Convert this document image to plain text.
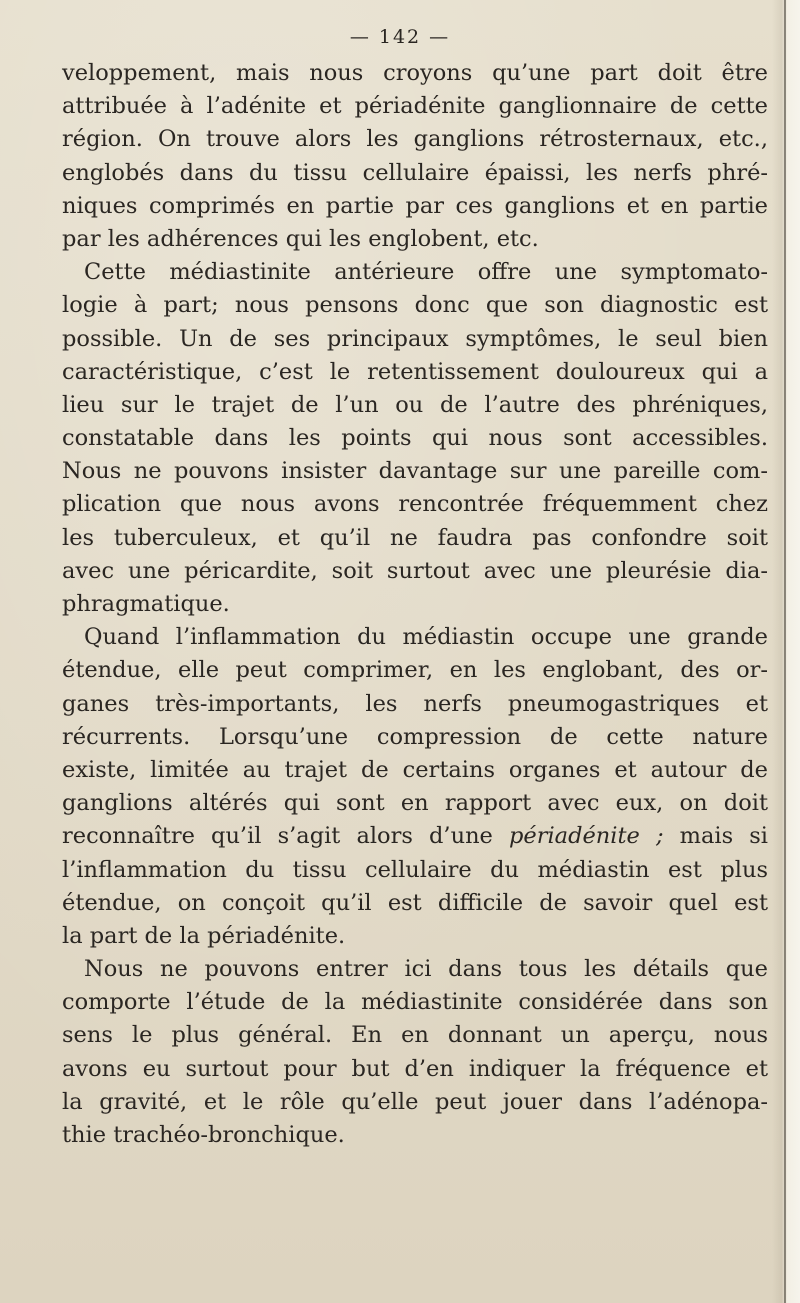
— 142 —
veloppement, mais nous croyons qu’une part doit être
attribuée à l’adénite et périadénite ganglionnaire de cette
région. On trouve alors les ganglions rétrosternaux, etc.,
englobés dans du tissu cellulaire épaissi, les nerfs phré-
niques comprimés en partie par ces ganglions et en partie
par les adhérences qui les englobent, etc.
Cette médiastinite antérieure offre une symptomato-
logie à part; nous pensons donc que son diagnostic est
possible. Un de ses principaux symptômes, le seul bien
caractéristique, c’est le retentissement douloureux qui a
lieu sur le trajet de l’un ou de l’autre des phréniques,
constatable dans les points qui nous sont accessibles.
Nous ne pouvons insister davantage sur une pareille com-
plication que nous avons rencontrée fréquemment chez
les tuberculeux, et qu’il ne faudra pas confondre soit
avec une péricardite, soit surtout avec une pleurésie dia-
phragmatique.
Quand l’inflammation du médiastin occupe une grande
étendue, elle peut comprimer, en les englobant, des or-
ganes très-importants, les nerfs pneumogastriques et
récurrents. Lorsqu’une compression de cette nature
existe, limitée au trajet de certains organes et autour de
ganglions altérés qui sont en rapport avec eux, on doit
reconnaître qu’il s’agit alors d’une périadénite ; mais si
l’inflammation du tissu cellulaire du médiastin est plus
étendue, on conçoit qu’il est difficile de savoir quel est
la part de la périadénite.
Nous ne pouvons entrer ici dans tous les détails que
comporte l’étude de la médiastinite considérée dans son
sens le plus général. En en donnant un aperçu, nous
avons eu surtout pour but d’en indiquer la fréquence et
la gravité, et le rôle qu’elle peut jouer dans l’adénopa-
thie trachéo-bronchique.
